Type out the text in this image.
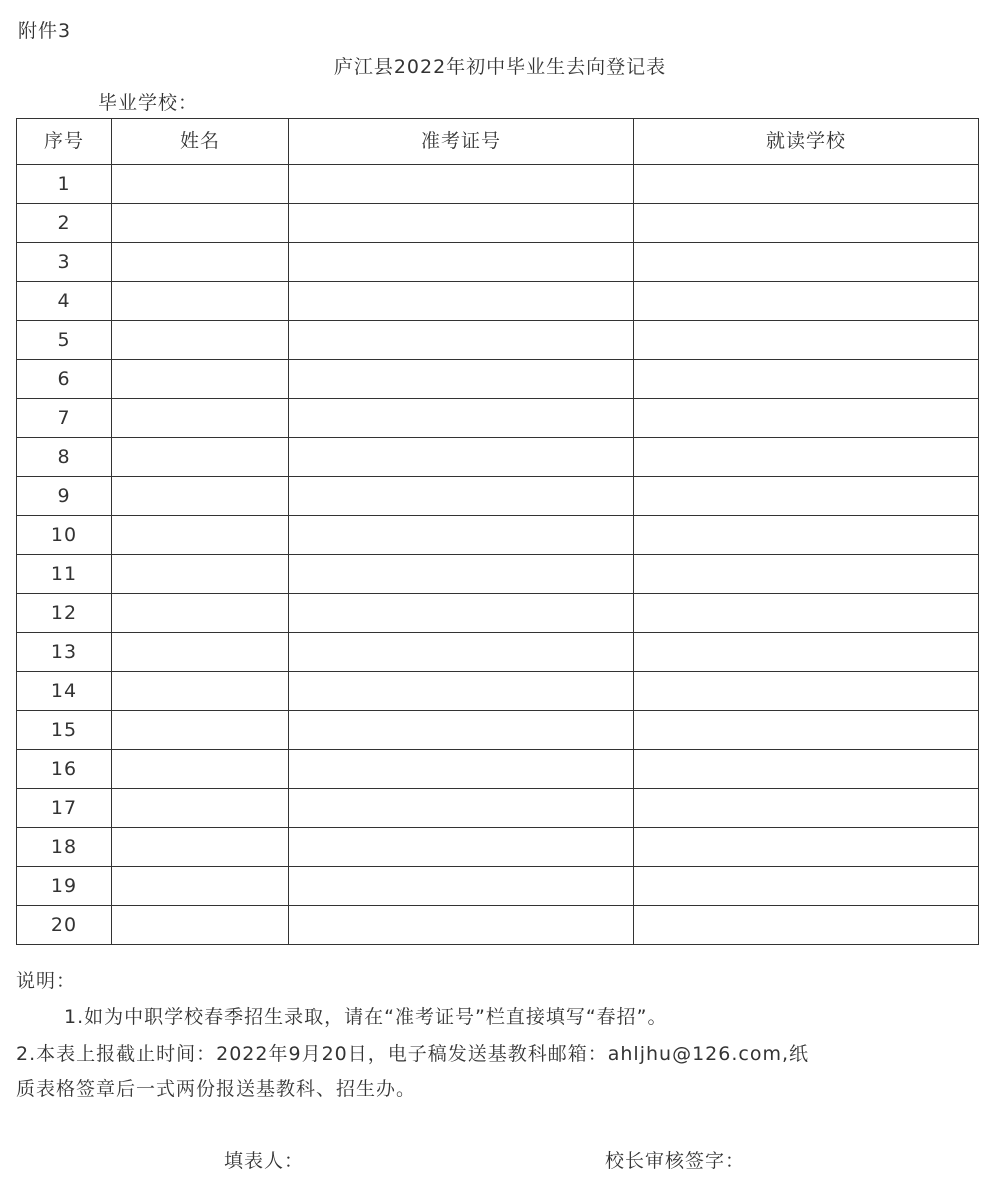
附件3
庐江县2022年初中毕业生去向登记表
毕业学校：
序号	姓名	准考证号	就读学校
1			
2			
3			
4			
5			
6			
7			
8			
9			
10			
11			
12			
13			
14			
15			
16			
17			
18			
19			
20			
说明：
1.如为中职学校春季招生录取，请在“准考证号”栏直接填写“春招”。
2.本表上报截止时间：2022年9月20日，电子稿发送基教科邮箱：ahljhu@126.com,纸
质表格签章后一式两份报送基教科、招生办。
填表人：	校长审核签字：
